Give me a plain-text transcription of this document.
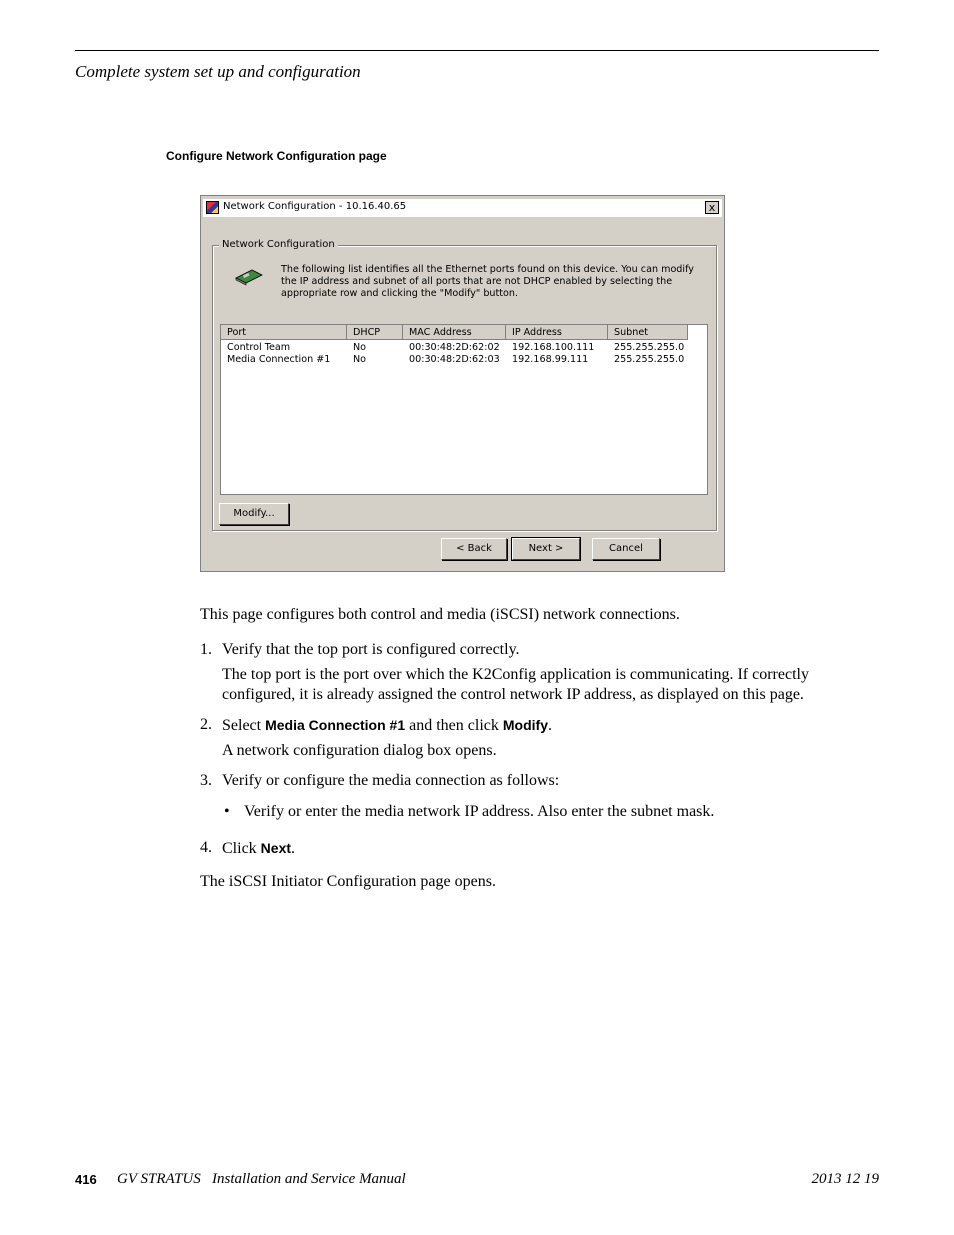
Complete system set up and configuration
Configure Network Configuration page
Network Configuration - 10.16.40.65	x
Network Configuration
The following list identifies all the Ethernet ports found on this device. You can modify the IP address and subnet of all ports that are not DHCP enabled by selecting the appropriate row and clicking the "Modify" button.
Port	DHCP	MAC Address	IP Address	Subnet
Control Team	No	00:30:48:2D:62:02 192.168.100.111 255.255.255.0
Media Connection #1 No	00:30:48:2D:62:03 192.168.99.111	255.255.255.0
Modify...
< Back	Next >	Cancel
This page configures both control and media (iSCSI) network connections.
1. Verify that the top port is configured correctly.
The top port is the port over which the K2Config application is communicating. If correctly configured, it is already assigned the control network IP address, as displayed on this page.
2. Select Media Connection #1 and then click Modify.
A network configuration dialog box opens.
3. Verify or configure the media connection as follows:
• Verify or enter the media network IP address. Also enter the subnet mask.
4. Click Next.
The iSCSI Initiator Configuration page opens.
416 GV STRATUS   Installation and Service Manual	2013 12 19
